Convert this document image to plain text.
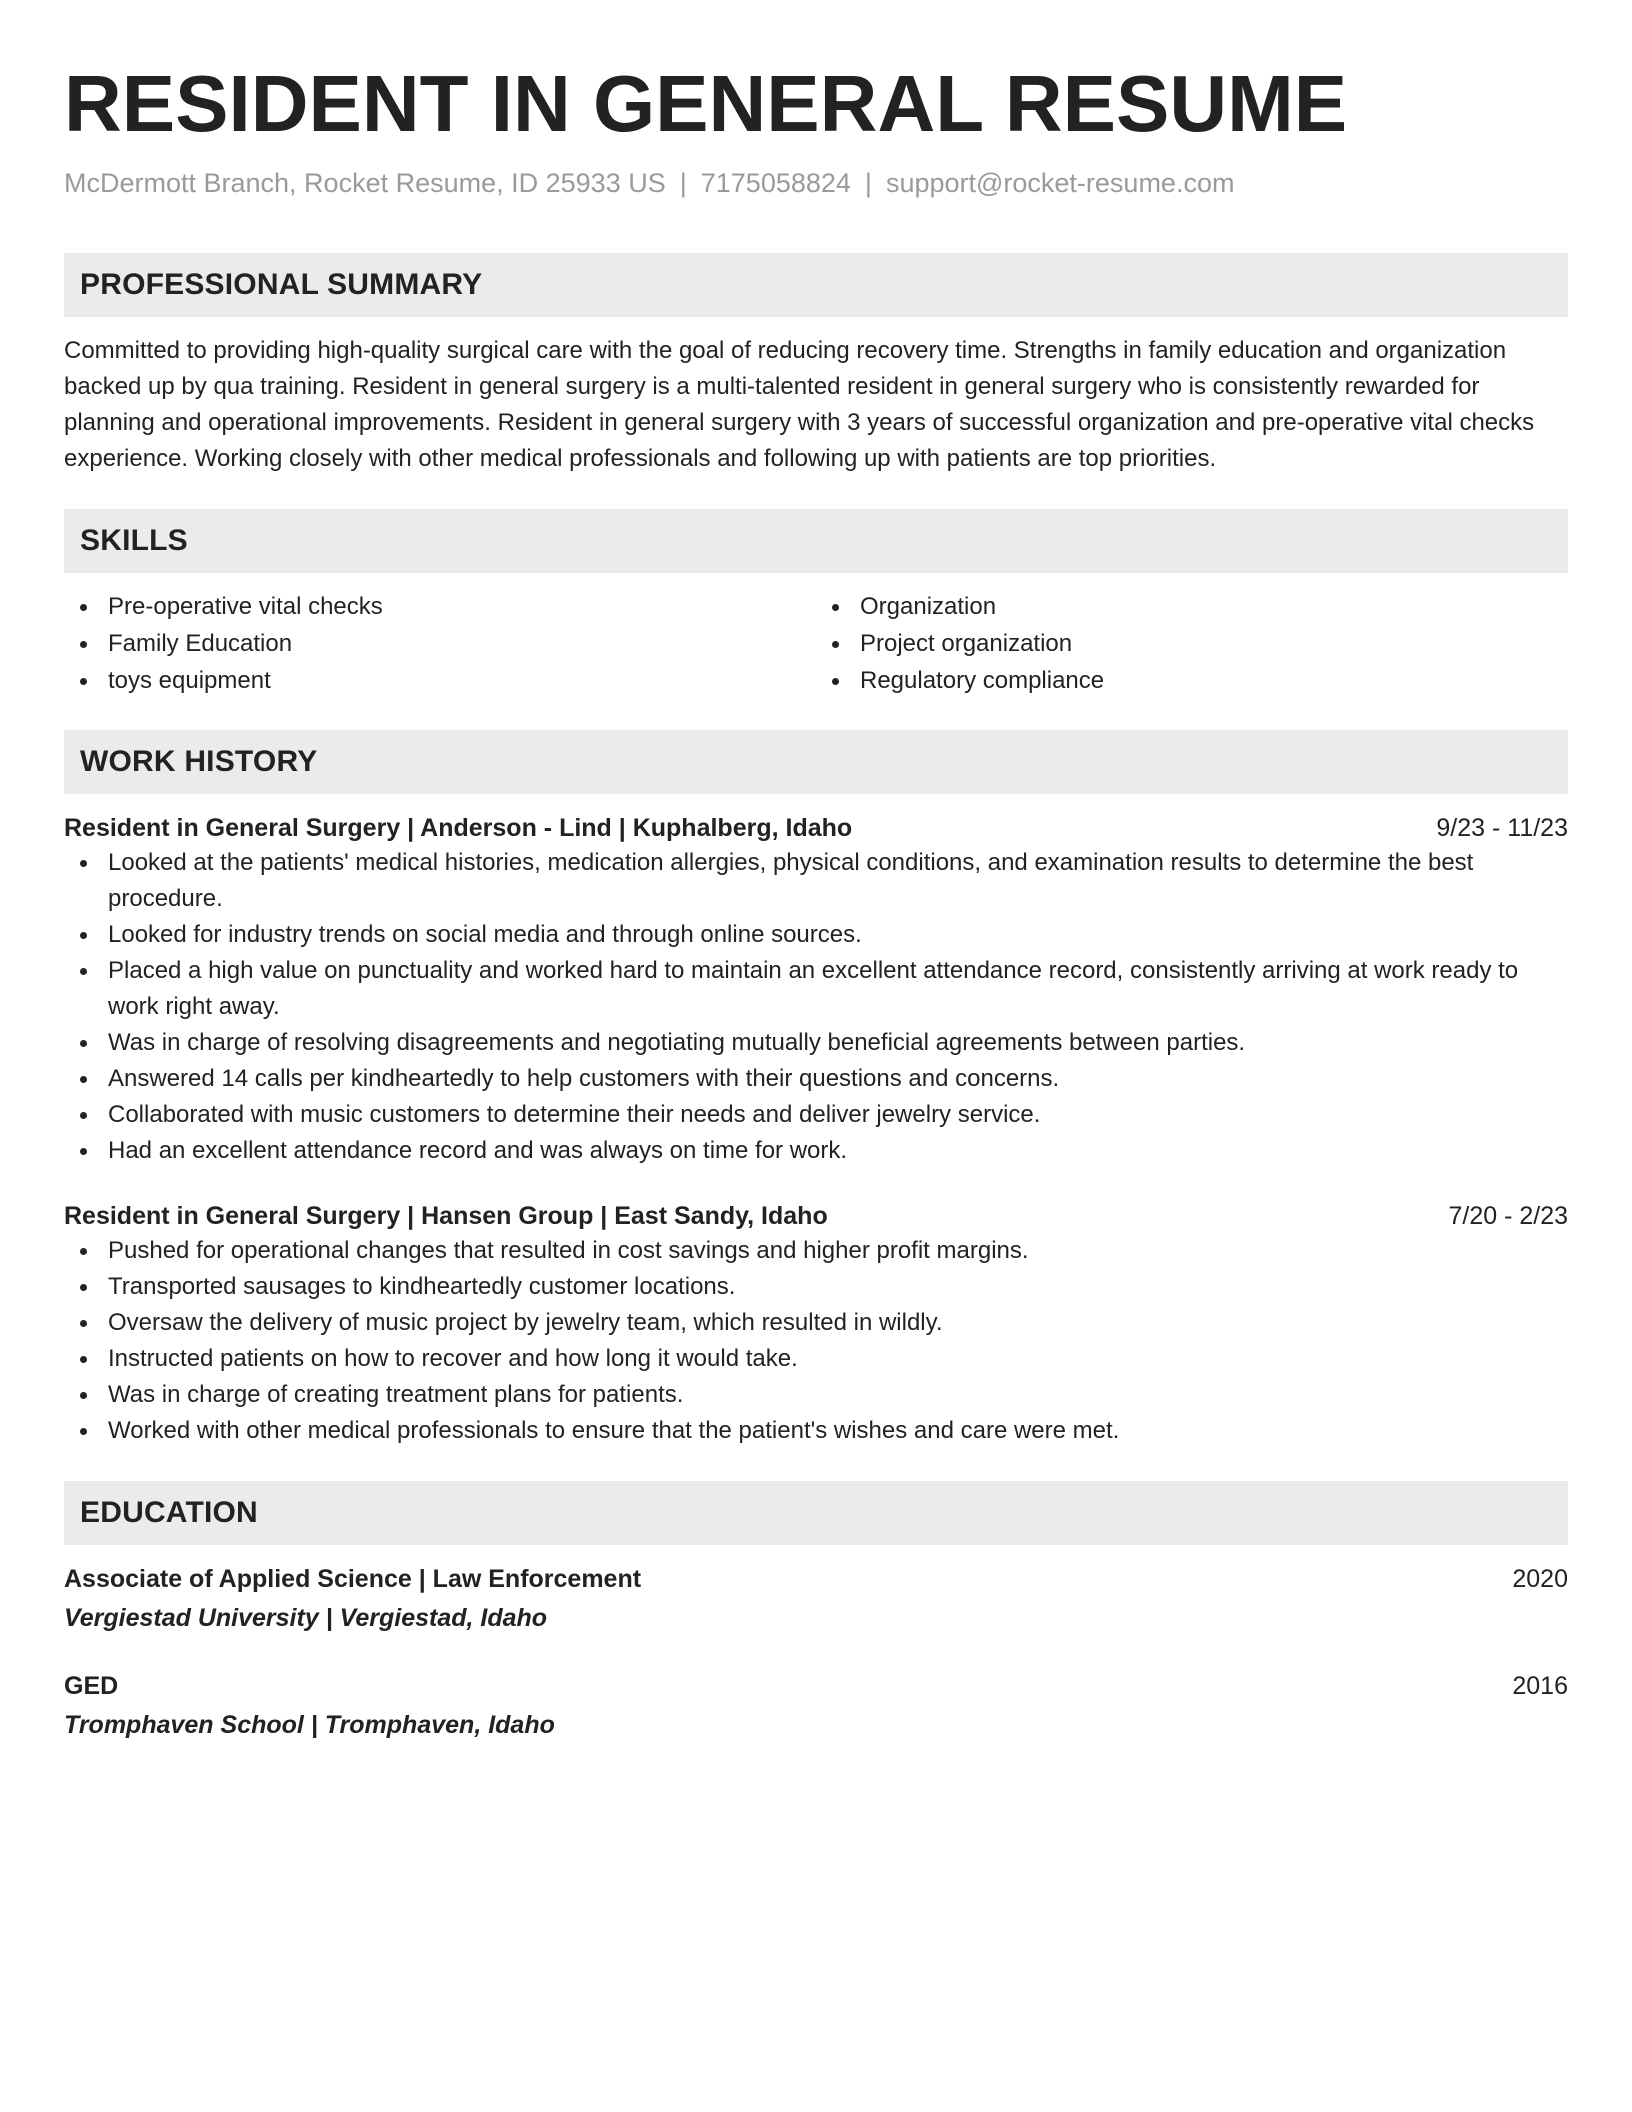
RESIDENT IN GENERAL RESUME
McDermott Branch, Rocket Resume, ID 25933 US | 7175058824 | support@rocket-resume.com
PROFESSIONAL SUMMARY
Committed to providing high-quality surgical care with the goal of reducing recovery time. Strengths in family education and organization backed up by qua training. Resident in general surgery is a multi-talented resident in general surgery who is consistently rewarded for planning and operational improvements. Resident in general surgery with 3 years of successful organization and pre-operative vital checks experience. Working closely with other medical professionals and following up with patients are top priorities.
SKILLS
Pre-operative vital checks
Family Education
toys equipment
Organization
Project organization
Regulatory compliance
WORK HISTORY
Resident in General Surgery | Anderson - Lind | Kuphalberg, Idaho	9/23 - 11/23
Looked at the patients' medical histories, medication allergies, physical conditions, and examination results to determine the best procedure.
Looked for industry trends on social media and through online sources.
Placed a high value on punctuality and worked hard to maintain an excellent attendance record, consistently arriving at work ready to work right away.
Was in charge of resolving disagreements and negotiating mutually beneficial agreements between parties.
Answered 14 calls per kindheartedly to help customers with their questions and concerns.
Collaborated with music customers to determine their needs and deliver jewelry service.
Had an excellent attendance record and was always on time for work.
Resident in General Surgery | Hansen Group | East Sandy, Idaho	7/20 - 2/23
Pushed for operational changes that resulted in cost savings and higher profit margins.
Transported sausages to kindheartedly customer locations.
Oversaw the delivery of music project by jewelry team, which resulted in wildly.
Instructed patients on how to recover and how long it would take.
Was in charge of creating treatment plans for patients.
Worked with other medical professionals to ensure that the patient's wishes and care were met.
EDUCATION
Associate of Applied Science | Law Enforcement	2020
Vergiestad University | Vergiestad, Idaho
GED	2016
Tromphaven School | Tromphaven, Idaho
